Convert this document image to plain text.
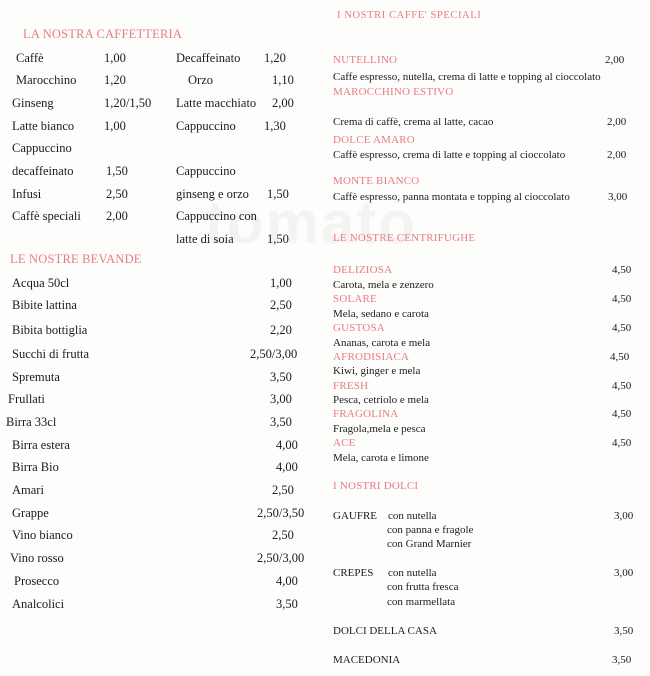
LA NOSTRA CAFFETTERIA
Caffè	1,00
Marocchino 1,20
Ginseng	1,20/1,50
Latte bianco 1,00
Cappuccino
decaffeinato	1,50
Infusi	2,50
Caffè speciali 2,00
Decaffeinato 1,20
Orzo	1,10
Latte macchiato 2,00
Cappuccino 1,30
Cappuccino
ginseng e orzo 1,50
Cappuccino con
latte di soia	1,50
LE NOSTRE BEVANDE
Acqua 50cl	1,00
Bibite lattina	2,50
Bibita bottiglia	2,20
Succhi di frutta	2,50/3,00
Spremuta	3,50
Frullati	3,00
Birra 33cl	3,50
Birra estera	4,00
Birra Bio	4,00
Amari	2,50
Grappe	2,50/3,50
Vino bianco	2,50
Vino rosso	2,50/3,00
Prosecco	4,00
Analcolici	3,50
I NOSTRI CAFFE' SPECIALI
NUTELLINO	2,00
Caffe espresso, nutella, crema di latte e topping al cioccolato
MAROCCHINO ESTIVO
Crema di caffè, crema al latte, cacao	2,00
DOLCE AMARO
Caffè espresso, crema di latte e topping al cioccolato	2,00
MONTE BIANCO
Caffè espresso, panna montata e topping al cioccolato	3,00
LE NOSTRE CENTRIFUGHE
DELIZIOSA	4,50
Carota, mela e zenzero
SOLARE	4,50
Mela, sedano e carota
GUSTOSA	4,50
Ananas, carota e mela
AFRODISIACA	4,50
Kiwi, ginger e mela
FRESH	4,50
Pesca, cetriolo e mela
FRAGOLINA	4,50
Fragola,mela e pesca
ACE	4,50
Mela, carota e limone
I NOSTRI DOLCI
GAUFRE con nutella
con panna e fragole
con Grand Marnier
3,00
CREPES con nutella
con frutta fresca
con marmellata
3,00
DOLCI DELLA CASA	3,50
MACEDONIA	3,50
